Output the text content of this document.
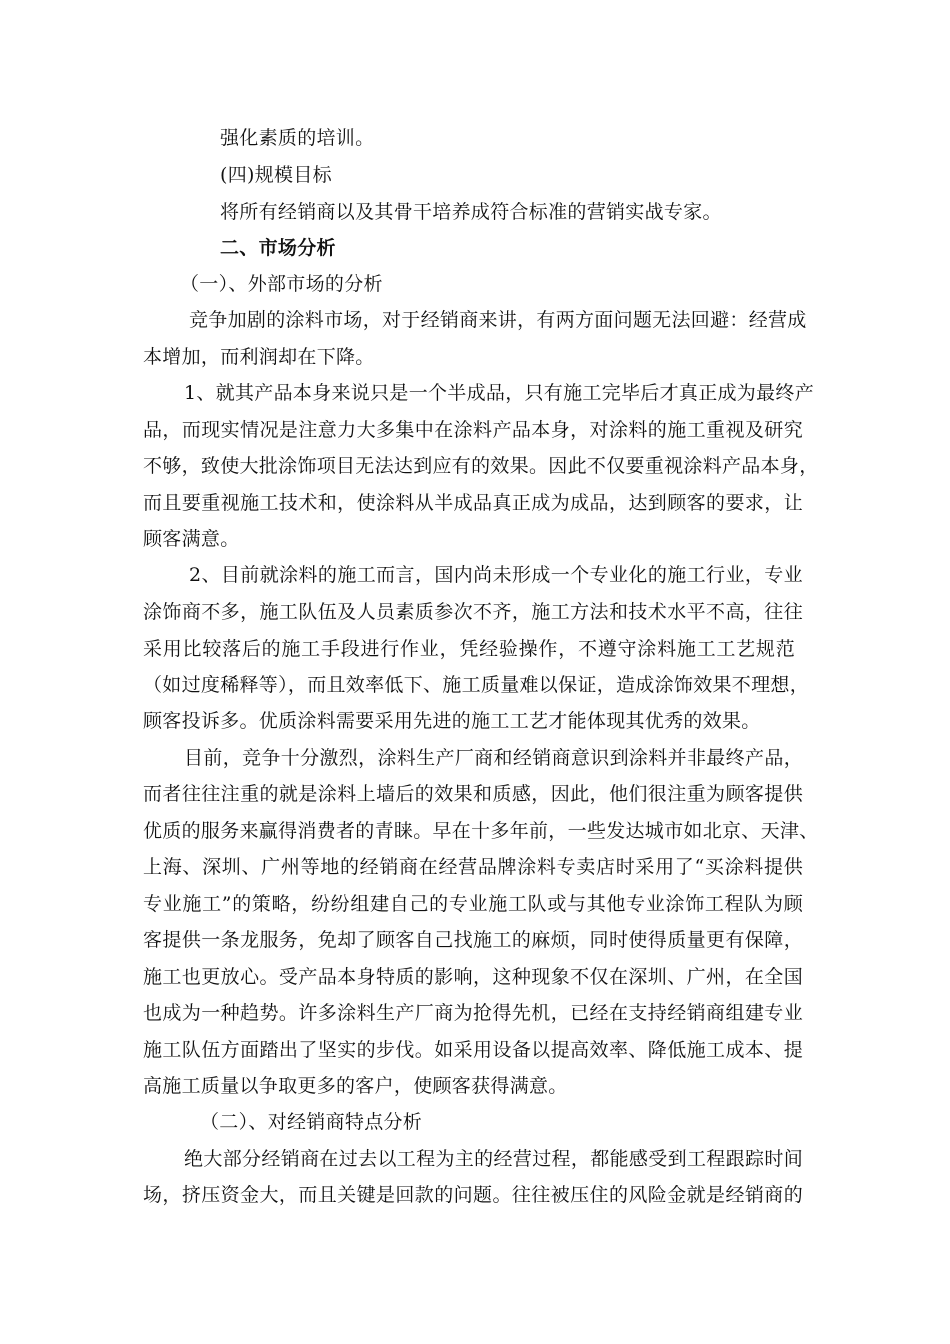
强化素质的培训。
(四)规模目标
将所有经销商以及其骨干培养成符合标准的营销实战专家。
二、市场分析
（一）、外部市场的分析
竞争加剧的涂料市场，对于经销商来讲，有两方面问题无法回避：经营成
本增加，而利润却在下降。
1、就其产品本身来说只是一个半成品，只有施工完毕后才真正成为最终产
品，而现实情况是注意力大多集中在涂料产品本身，对涂料的施工重视及研究
不够，致使大批涂饰项目无法达到应有的效果。因此不仅要重视涂料产品本身，
而且要重视施工技术和，使涂料从半成品真正成为成品，达到顾客的要求，让
顾客满意。
2、目前就涂料的施工而言，国内尚未形成一个专业化的施工行业，专业
涂饰商不多，施工队伍及人员素质参次不齐，施工方法和技术水平不高，往往
采用比较落后的施工手段进行作业，凭经验操作，不遵守涂料施工工艺规范
（如过度稀释等），而且效率低下、施工质量难以保证，造成涂饰效果不理想，
顾客投诉多。优质涂料需要采用先进的施工工艺才能体现其优秀的效果。
目前，竞争十分激烈，涂料生产厂商和经销商意识到涂料并非最终产品，
而者往往注重的就是涂料上墙后的效果和质感，因此，他们很注重为顾客提供
优质的服务来赢得消费者的青睐。早在十多年前，一些发达城市如北京、天津、
上海、深圳、广州等地的经销商在经营品牌涂料专卖店时采用了“买涂料提供
专业施工”的策略，纷纷组建自己的专业施工队或与其他专业涂饰工程队为顾
客提供一条龙服务，免却了顾客自己找施工的麻烦，同时使得质量更有保障，
施工也更放心。受产品本身特质的影响，这种现象不仅在深圳、广州，在全国
也成为一种趋势。许多涂料生产厂商为抢得先机，已经在支持经销商组建专业
施工队伍方面踏出了坚实的步伐。如采用设备以提高效率、降低施工成本、提
高施工质量以争取更多的客户，使顾客获得满意。
（二）、对经销商特点分析
绝大部分经销商在过去以工程为主的经营过程，都能感受到工程跟踪时间
场，挤压资金大，而且关键是回款的问题。往往被压住的风险金就是经销商的
